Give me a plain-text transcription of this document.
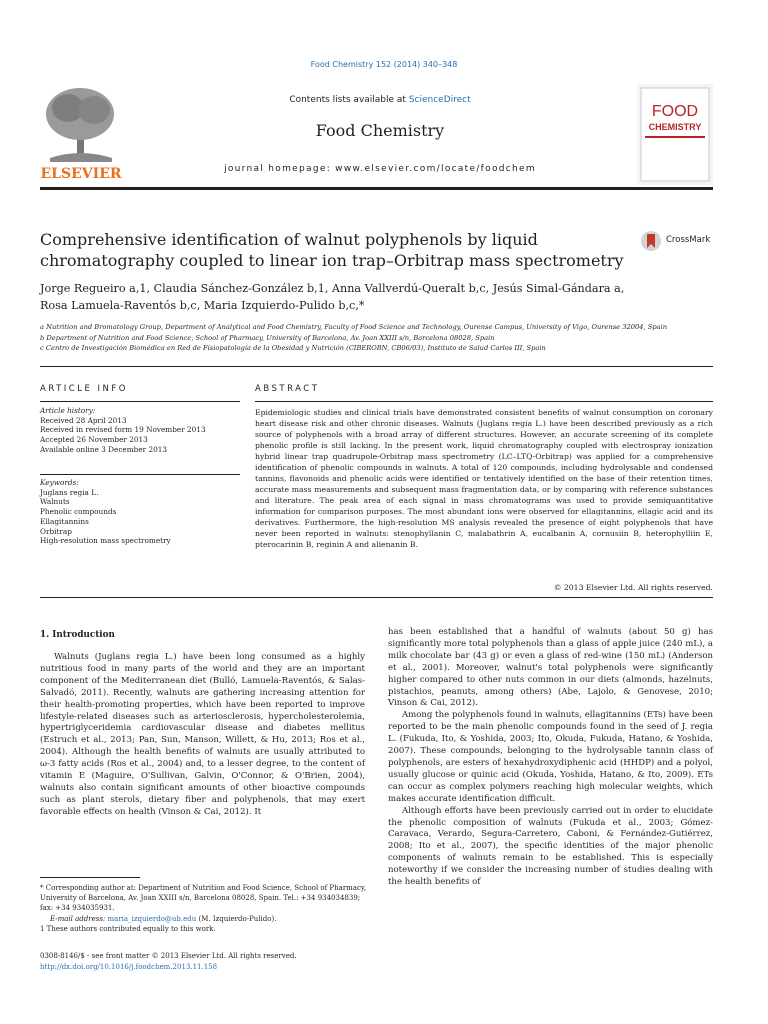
Food Chemistry 152 (2014) 340–348
ELSEVIER
Contents lists available at ScienceDirect
Food Chemistry
journal homepage: www.elsevier.com/locate/foodchem
FOOD
CHEMISTRY
Comprehensive identification of walnut polyphenols by liquid
chromatography coupled to linear ion trap–Orbitrap mass spectrometry
CrossMark
Jorge Regueiro a,1, Claudia Sánchez-González b,1, Anna Vallverdú-Queralt b,c, Jesús Simal-Gándara a,
Rosa Lamuela-Raventós b,c, Maria Izquierdo-Pulido b,c,*
a Nutrition and Bromatology Group, Department of Analytical and Food Chemistry, Faculty of Food Science and Technology, Ourense Campus, University of Vigo, Ourense 32004, Spain
b Department of Nutrition and Food Science, School of Pharmacy, University of Barcelona, Av. Joan XXIII s/n, Barcelona 08028, Spain
c Centro de Investigación Biomédica en Red de Fisiopatología de la Obesidad y Nutrición (CIBEROBN, CB06/03), Instituto de Salud Carlos III, Spain
ARTICLE INFO	ABSTRACT
Article history:
Received 28 April 2013
Received in revised form 19 November 2013
Accepted 26 November 2013
Available online 3 December 2013
Keywords:
Juglans regia L.
Walnuts
Phenolic compounds
Ellagitannins
Orbitrap
High-resolution mass spectrometry
Epidemiologic studies and clinical trials have demonstrated consistent benefits of walnut consumption on coronary heart disease risk and other chronic diseases. Walnuts (Juglans regia L.) have been described previously as a rich source of polyphenols with a broad array of different structures. However, an accurate screening of its complete phenolic profile is still lacking. In the present work, liquid chromatography coupled with electrospray ionization hybrid linear trap quadrupole-Orbitrap mass spectrometry (LC–LTQ-Orbitrap) was applied for a comprehensive identification of phenolic compounds in walnuts. A total of 120 compounds, including hydrolysable and condensed tannins, flavonoids and phenolic acids were identified or tentatively identified on the base of their retention times, accurate mass measurements and subsequent mass fragmentation data, or by comparing with reference substances and literature. The peak area of each signal in mass chromatograms was used to provide semiquantitative information for comparison purposes. The most abundant ions were observed for ellagitannins, ellagic acid and its derivatives. Furthermore, the high-resolution MS analysis revealed the presence of eight polyphenols that have never been reported in walnuts: stenophyllanin C, malabathrin A, eucalbanin A, cornusiin B, heterophylliin E, pterocarinin B, reginin A and alienanin B.
© 2013 Elsevier Ltd. All rights reserved.
1. Introduction

Walnuts (Juglans regia L.) have been long consumed as a highly nutritious food in many parts of the world and they are an important component of the Mediterranean diet (Bulló, Lamuela-Raventós, & Salas-Salvadó, 2011). Recently, walnuts are gathering increasing attention for their health-promoting properties, which have been reported to improve lifestyle-related diseases such as arteriosclerosis, hypercholesterolemia, hypertriglyceridemia cardiovascular disease and diabetes mellitus (Estruch et al., 2013; Pan, Sun, Manson, Willett, & Hu, 2013; Ros et al., 2004). Although the health benefits of walnuts are usually attributed to ω-3 fatty acids (Ros et al., 2004) and, to a lesser degree, to the content of vitamin E (Maguire, O'Sullivan, Galvin, O'Connor, & O'Brien, 2004), walnuts also contain significant amounts of other bioactive compounds such as plant sterols, dietary fiber and polyphenols, that may exert favorable effects on health (Vinson & Cai, 2012). It

has been established that a handful of walnuts (about 50 g) has significantly more total polyphenols than a glass of apple juice (240 mL), a milk chocolate bar (43 g) or even a glass of red-wine (150 mL) (Anderson et al., 2001). Moreover, walnut's total polyphenols were significantly higher compared to other nuts common in our diets (almonds, hazelnuts, pistachios, peanuts, among others) (Abe, Lajolo, & Genovese, 2010; Vinson & Cai, 2012).

Among the polyphenols found in walnuts, ellagitannins (ETs) have been reported to be the main phenolic compounds found in the seed of J. regia L. (Fukuda, Ito, & Yoshida, 2003; Ito, Okuda, Fukuda, Hatano, & Yoshida, 2007). These compounds, belonging to the hydrolysable tannin class of polyphenols, are esters of hexahydroxydiphenic acid (HHDP) and a polyol, usually glucose or quinic acid (Okuda, Yoshida, Hatano, & Ito, 2009). ETs can occur as complex polymers reaching high molecular weights, which makes accurate identification difficult.

Although efforts have been previously carried out in order to elucidate the phenolic composition of walnuts (Fukuda et al., 2003; Gómez-Caravaca, Verardo, Segura-Carretero, Caboni, & Fernández-Gutiérrez, 2008; Ito et al., 2007), the specific identities of the major phenolic components of walnuts remain to be established. This is especially noteworthy if we consider the increasing number of studies dealing with the health benefits of

* Corresponding author at: Department of Nutrition and Food Science, School of Pharmacy, University of Barcelona, Av. Joan XXIII s/n, Barcelona 08028, Spain. Tel.: +34 934034839; fax: +34 934035931.
E-mail address: maria_izquierdo@ub.edu (M. Izquierdo-Pulido).
1 These authors contributed equally to this work.
0308-8146/$ - see front matter © 2013 Elsevier Ltd. All rights reserved.
http://dx.doi.org/10.1016/j.foodchem.2013.11.158
